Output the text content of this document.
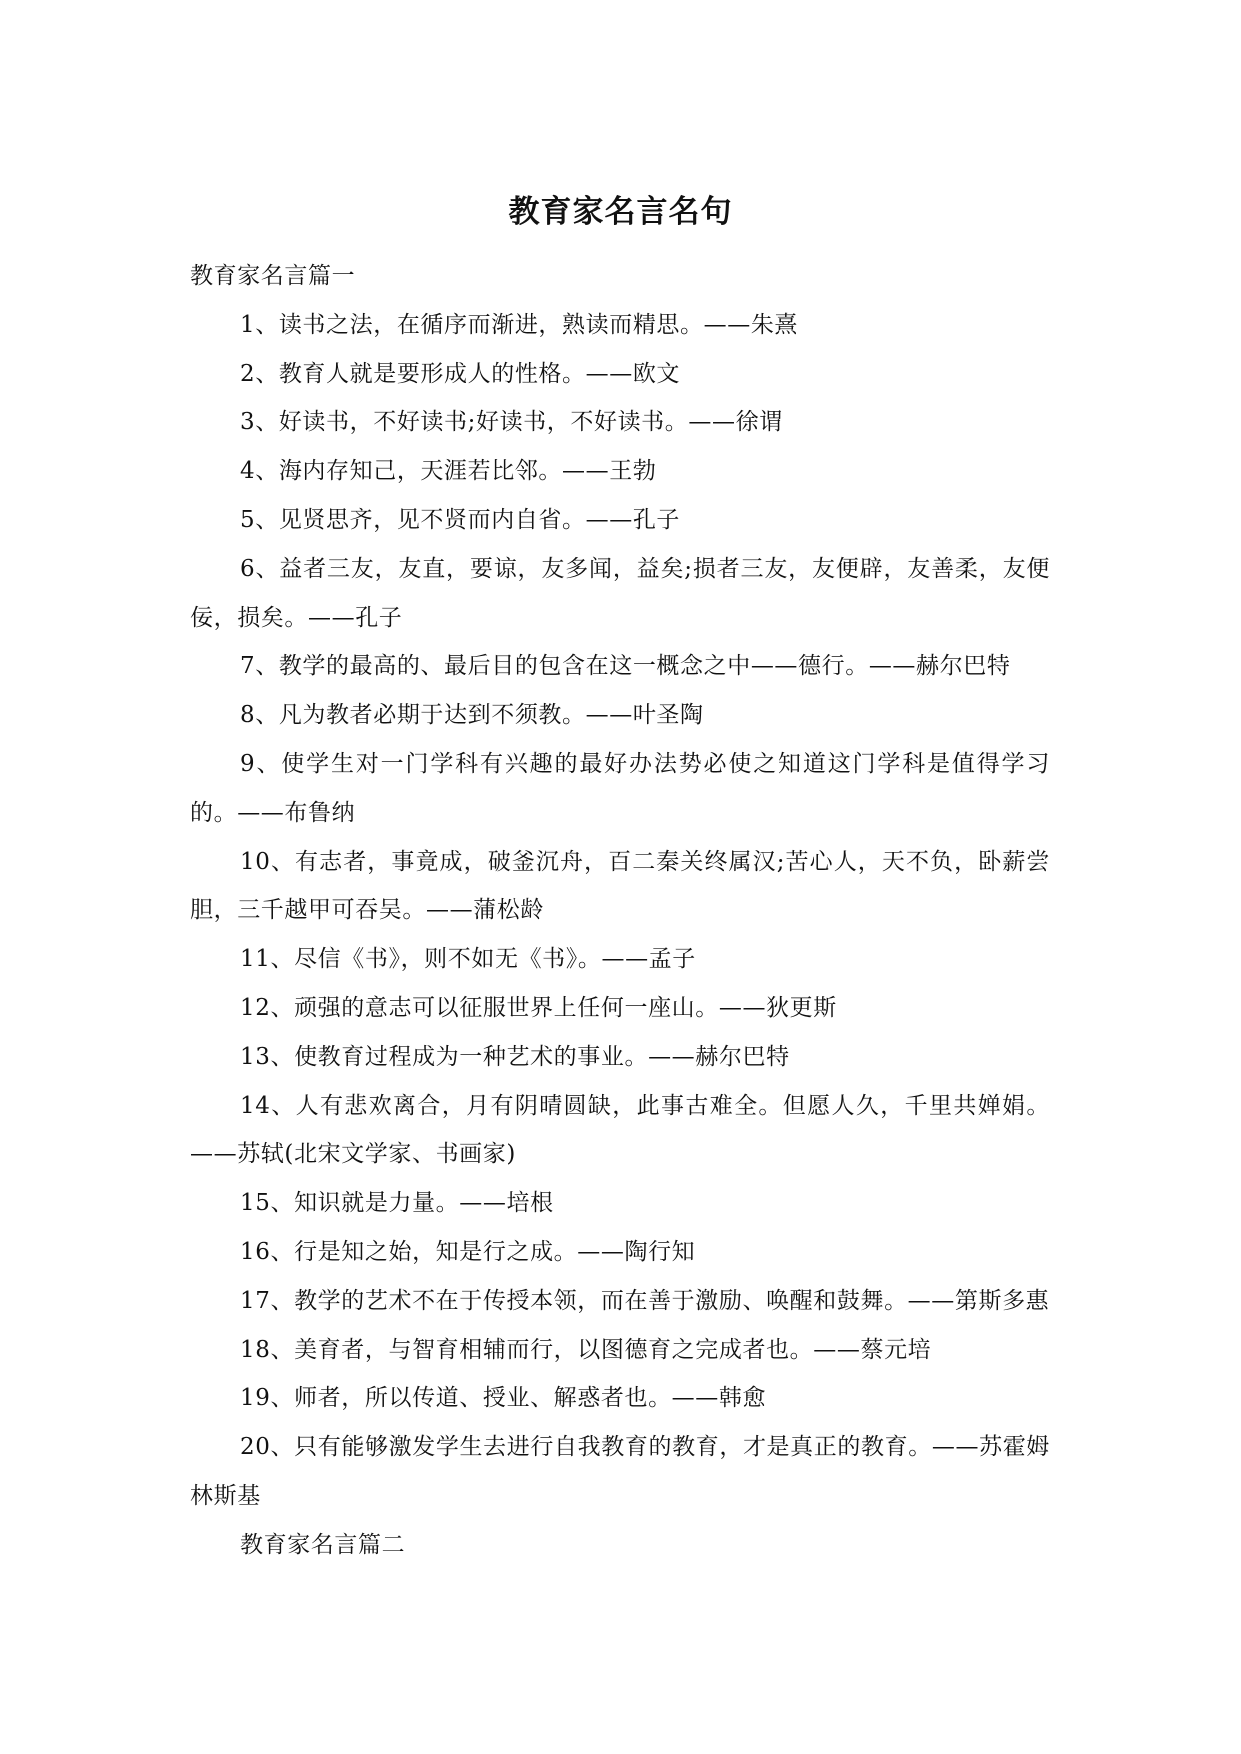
教育家名言名句

教育家名言篇一

1、读书之法，在循序而渐进，熟读而精思。——朱熹

2、教育人就是要形成人的性格。——欧文

3、好读书，不好读书;好读书，不好读书。——徐谓

4、海内存知己，天涯若比邻。——王勃

5、见贤思齐，见不贤而内自省。——孔子

6、益者三友，友直，要谅，友多闻，益矣;损者三友，友便辟，友善柔，友便佞，损矣。——孔子

7、教学的最高的、最后目的包含在这一概念之中——德行。——赫尔巴特

8、凡为教者必期于达到不须教。——叶圣陶

9、使学生对一门学科有兴趣的最好办法势必使之知道这门学科是值得学习的。——布鲁纳

10、有志者，事竟成，破釜沉舟，百二秦关终属汉;苦心人，天不负，卧薪尝胆，三千越甲可吞吴。——蒲松龄

11、尽信《书》，则不如无《书》。——孟子

12、顽强的意志可以征服世界上任何一座山。——狄更斯

13、使教育过程成为一种艺术的事业。——赫尔巴特

14、人有悲欢离合，月有阴晴圆缺，此事古难全。但愿人久，千里共婵娟。——苏轼(北宋文学家、书画家)

15、知识就是力量。——培根

16、行是知之始，知是行之成。——陶行知

17、教学的艺术不在于传授本领，而在善于激励、唤醒和鼓舞。——第斯多惠

18、美育者，与智育相辅而行，以图德育之完成者也。——蔡元培

19、师者，所以传道、授业、解惑者也。——韩愈

20、只有能够激发学生去进行自我教育的教育，才是真正的教育。——苏霍姆林斯基

教育家名言篇二
